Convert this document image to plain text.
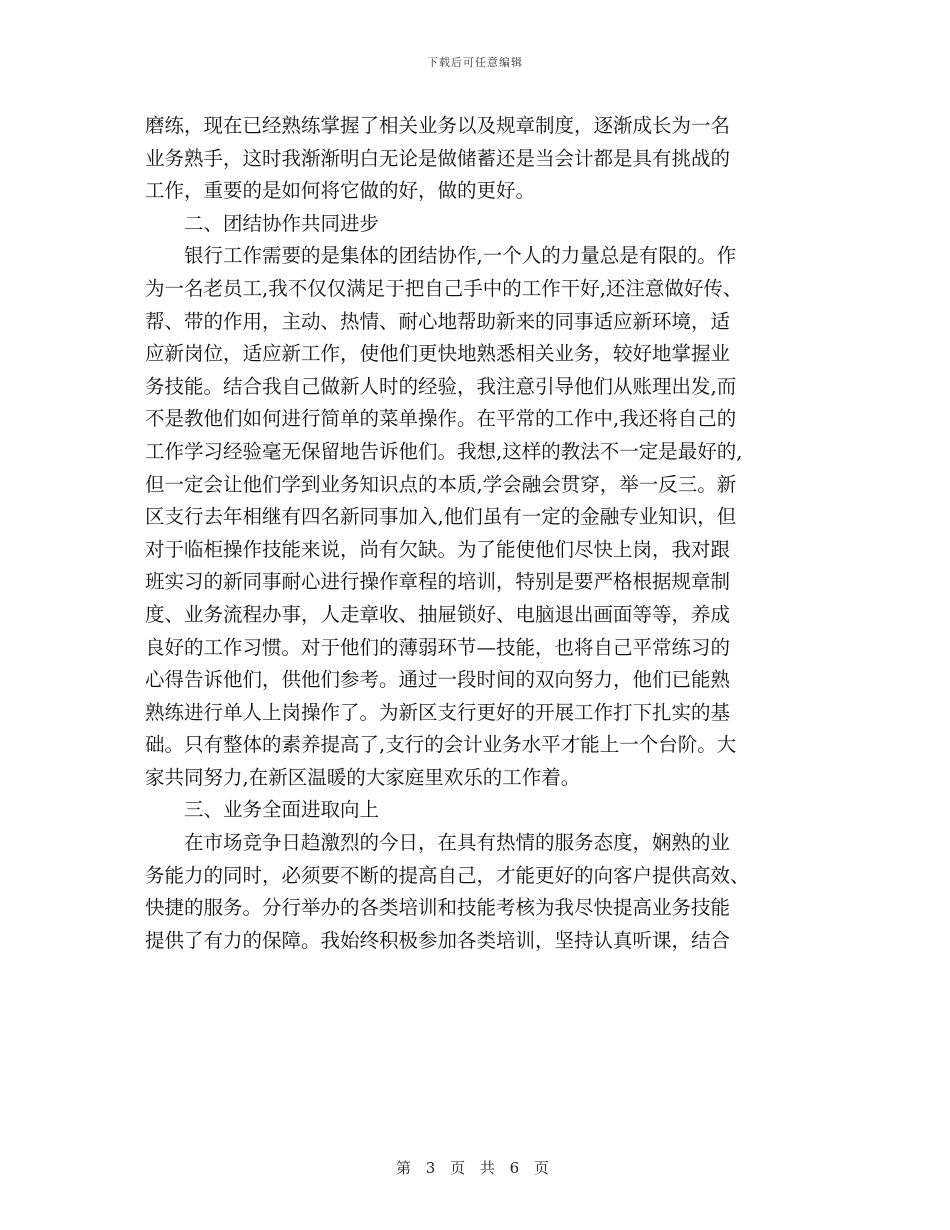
下载后可任意编辑
磨练，现在已经熟练掌握了相关业务以及规章制度，逐渐成长为一名
业务熟手，这时我渐渐明白无论是做储蓄还是当会计都是具有挑战的
工作，重要的是如何将它做的好，做的更好。
　　二、团结协作共同进步
　　银行工作需要的是集体的团结协作,一个人的力量总是有限的。作
为一名老员工,我不仅仅满足于把自己手中的工作干好,还注意做好传、
帮、带的作用，主动、热情、耐心地帮助新来的同事适应新环境，适
应新岗位，适应新工作，使他们更快地熟悉相关业务，较好地掌握业
务技能。结合我自己做新人时的经验，我注意引导他们从账理出发,而
不是教他们如何进行简单的菜单操作。在平常的工作中,我还将自己的
工作学习经验毫无保留地告诉他们。我想,这样的教法不一定是最好的,
但一定会让他们学到业务知识点的本质,学会融会贯穿，举一反三。新
区支行去年相继有四名新同事加入,他们虽有一定的金融专业知识，但
对于临柜操作技能来说，尚有欠缺。为了能使他们尽快上岗，我对跟
班实习的新同事耐心进行操作章程的培训，特别是要严格根据规章制
度、业务流程办事，人走章收、抽屉锁好、电脑退出画面等等，养成
良好的工作习惯。对于他们的薄弱环节—技能，也将自己平常练习的
心得告诉他们，供他们参考。通过一段时间的双向努力，他们已能熟
熟练进行单人上岗操作了。为新区支行更好的开展工作打下扎实的基
础。只有整体的素养提高了,支行的会计业务水平才能上一个台阶。大
家共同努力,在新区温暖的大家庭里欢乐的工作着。
　　三、业务全面进取向上
　　在市场竞争日趋激烈的今日，在具有热情的服务态度，娴熟的业
务能力的同时，必须要不断的提高自己，才能更好的向客户提供高效、
快捷的服务。分行举办的各类培训和技能考核为我尽快提高业务技能
提供了有力的保障。我始终积极参加各类培训，坚持认真听课，结合
第 3 页 共 6 页
